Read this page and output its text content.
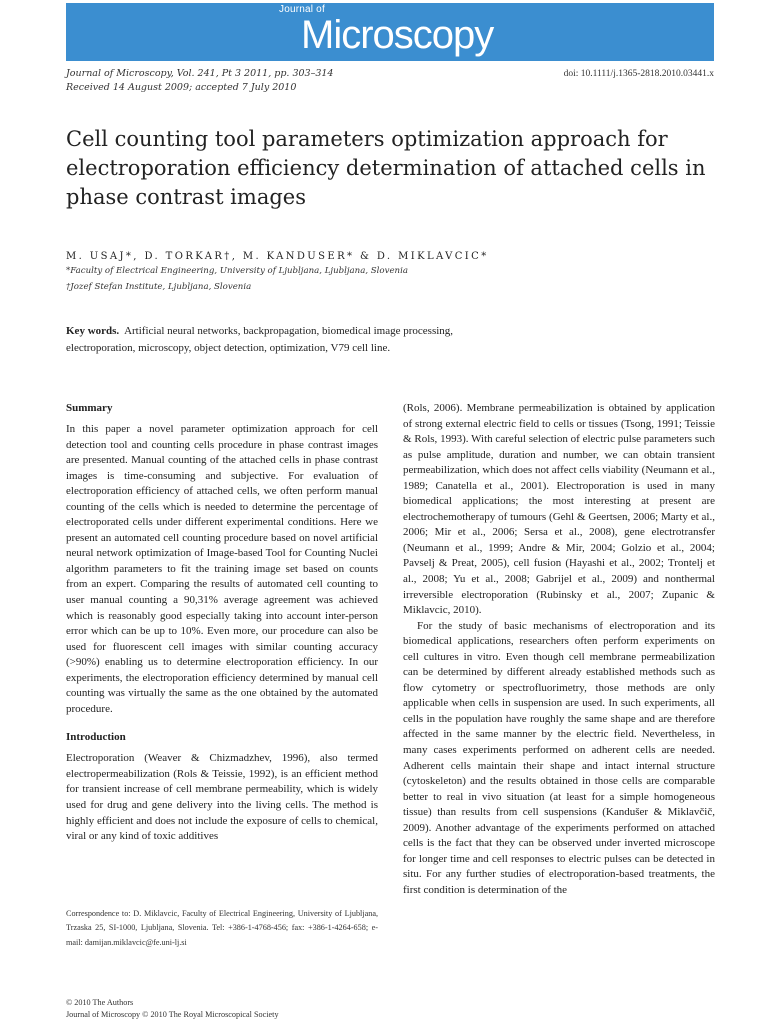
Journal of
Microscopy
Journal of Microscopy, Vol. 241, Pt 3 2011, pp. 303–314
Received 14 August 2009; accepted 7 July 2010
doi: 10.1111/j.1365-2818.2010.03441.x
Cell counting tool parameters optimization approach for electroporation efficiency determination of attached cells in phase contrast images
M. USAJ*, D. TORKAR†, M. KANDUSER* & D. MIKLAVCIC*
*Faculty of Electrical Engineering, University of Ljubljana, Ljubljana, Slovenia
†Jozef Stefan Institute, Ljubljana, Slovenia
Key words. Artificial neural networks, backpropagation, biomedical image processing, electroporation, microscopy, object detection, optimization, V79 cell line.
Summary

In this paper a novel parameter optimization approach for cell detection tool and counting cells procedure in phase contrast images are presented. Manual counting of the attached cells in phase contrast images is time-consuming and subjective. For evaluation of electroporation efficiency of attached cells, we often perform manual counting of the cells which is needed to determine the percentage of electroporated cells under different experimental conditions. Here we present an automated cell counting procedure based on novel artificial neural network optimization of Image-based Tool for Counting Nuclei algorithm parameters to fit the training image set based on counts from an expert. Comparing the results of automated cell counting to user manual counting a 90,31% average agreement was achieved which is reasonably good especially taking into account inter-person error which can be up to 10%. Even more, our procedure can also be used for fluorescent cell images with similar counting accuracy (>90%) enabling us to determine electroporation efficiency. In our experiments, the electroporation efficiency determined by manual cell counting was virtually the same as the one obtained by the automated procedure.

Introduction

Electroporation (Weaver & Chizmadzhev, 1996), also termed electropermeabilization (Rols & Teissie, 1992), is an efficient method for transient increase of cell membrane permeability, which is widely used for drug and gene delivery into the living cells. The method is highly efficient and does not include the exposure of cells to chemical, viral or any kind of toxic additives

(Rols, 2006). Membrane permeabilization is obtained by application of strong external electric field to cells or tissues (Tsong, 1991; Teissie & Rols, 1993). With careful selection of electric pulse parameters such as pulse amplitude, duration and number, we can obtain transient permeabilization, which does not affect cells viability (Neumann et al., 1989; Canatella et al., 2001). Electroporation is used in many biomedical applications; the most interesting at present are electrochemotherapy of tumours (Gehl & Geertsen, 2006; Marty et al., 2006; Mir et al., 2006; Sersa et al., 2008), gene electrotransfer (Neumann et al., 1999; Andre & Mir, 2004; Golzio et al., 2004; Pavselj & Preat, 2005), cell fusion (Hayashi et al., 2002; Trontelj et al., 2008; Yu et al., 2008; Gabrijel et al., 2009) and nonthermal irreversible electroporation (Rubinsky et al., 2007; Zupanic & Miklavcic, 2010).

For the study of basic mechanisms of electroporation and its biomedical applications, researchers often perform experiments on cell cultures in vitro. Even though cell membrane permeabilization can be determined by different already established methods such as flow cytometry or spectrofluorimetry, those methods are only applicable when cells in suspension are used. In such experiments, all cells in the population have roughly the same shape and are therefore affected in the same manner by the electric field. Nevertheless, in many cases experiments performed on adherent cells are needed. Adherent cells maintain their shape and intact internal structure (cytoskeleton) and the results obtained in those cells are comparable better to real in vivo situation (at least for a simple homogeneous tissue) than results from cell suspensions (Kandušer & Miklavčič, 2009). Another advantage of the experiments performed on attached cells is the fact that they can be observed under inverted microscope for longer time and cell responses to electric pulses can be detected in situ. For any further studies of electroporation-based treatments, the first condition is determination of the

Correspondence to: D. Miklavcic, Faculty of Electrical Engineering, University of Ljubljana, Trzaska 25, SI-1000, Ljubljana, Slovenia. Tel: +386-1-4768-456; fax: +386-1-4264-658; e-mail: damijan.miklavcic@fe.uni-lj.si
© 2010 The Authors
Journal of Microscopy © 2010 The Royal Microscopical Society
